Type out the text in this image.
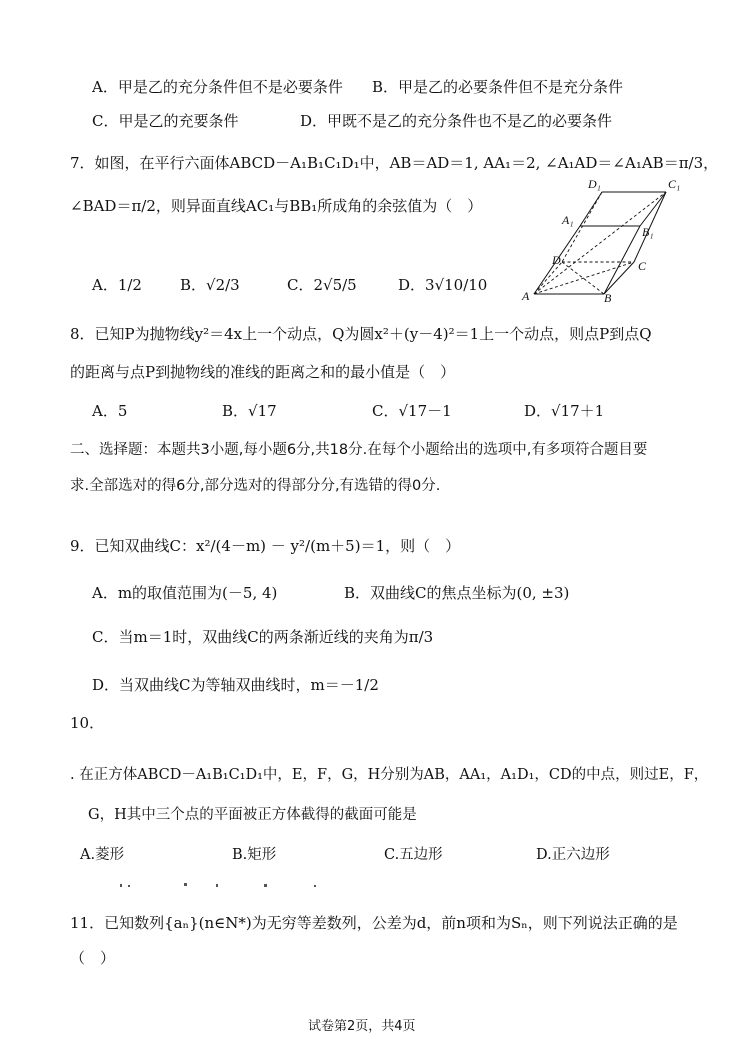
A．甲是乙的充分条件但不是必要条件 B．甲是乙的必要条件但不是充分条件
C．甲是乙的充要条件	D．甲既不是乙的充分条件也不是乙的必要条件
7．如图，在平行六面体ABCD－A₁B₁C₁D₁中，AB＝AD＝1, AA₁＝2, ∠A₁AD＝∠A₁AB＝π/3，
∠BAD＝π/2，则异面直线AC₁与BB₁所成角的余弦值为（　）
A．1/2	B．√2/3	C．2√5/5	D．3√10/10
D₁	C₁
A₁
B₁
D	C
A	B
8．已知P为抛物线y²＝4x上一个动点，Q为圆x²＋(y－4)²＝1上一个动点，则点P到点Q
的距离与点P到抛物线的准线的距离之和的最小值是（　）
A．5	B．√17	C．√17－1	D．√17＋1
二、选择题：本题共3小题,每小题6分,共18分.在每个小题给出的选项中,有多项符合题目要
求.全部选对的得6分,部分选对的得部分分,有选错的得0分.
9．已知双曲线C：x²/(4－m) － y²/(m＋5)＝1，则（　）
A．m的取值范围为(－5, 4)	B．双曲线C的焦点坐标为(0, ±3)
C．当m＝1时，双曲线C的两条渐近线的夹角为π/3
D．当双曲线C为等轴双曲线时，m＝－1/2
10．
. 在正方体ABCD－A₁B₁C₁D₁中，E，F，G，H分别为AB，AA₁，A₁D₁，CD的中点，则过E，F，
G，H其中三个点的平面被正方体截得的截面可能是
A.菱形	B.矩形	C.五边形	D.正六边形
11．已知数列{aₙ}(n∈N*)为无穷等差数列，公差为d，前n项和为Sₙ，则下列说法正确的是
（　）
试卷第2页，共4页
